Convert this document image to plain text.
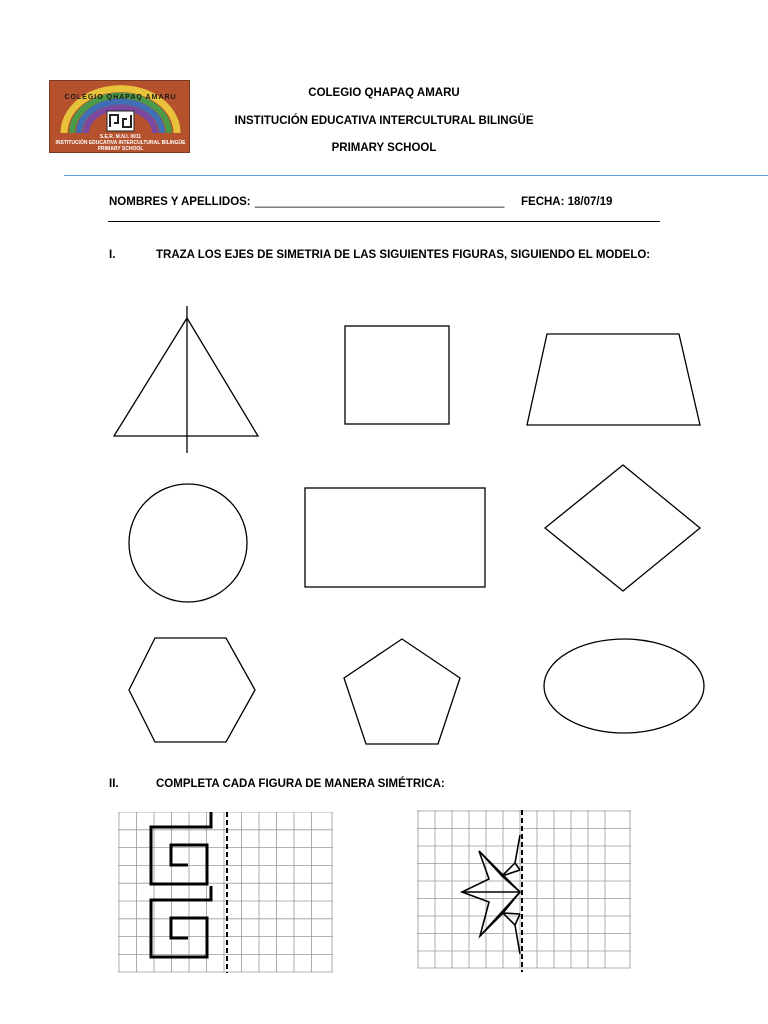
S.E.R. M.N.I. 0011
INSTITUCIÓN EDUCATIVA INTERCULTURAL BILINGÜE
PRIMARY SCHOOL
COLEGIO QHAPAQ AMARU	COLEGIO QHAPAQ AMARU
INSTITUCIÓN EDUCATIVA INTERCULTURAL BILINGÜE
PRIMARY SCHOOL
NOMBRES Y APELLIDOS: _______________________________________ FECHA: 18/07/19
I.	TRAZA LOS EJES DE SIMETRIA DE LAS SIGUIENTES FIGURAS, SIGUIENDO EL MODELO:
II.	COMPLETA CADA FIGURA DE MANERA SIMÉTRICA:
